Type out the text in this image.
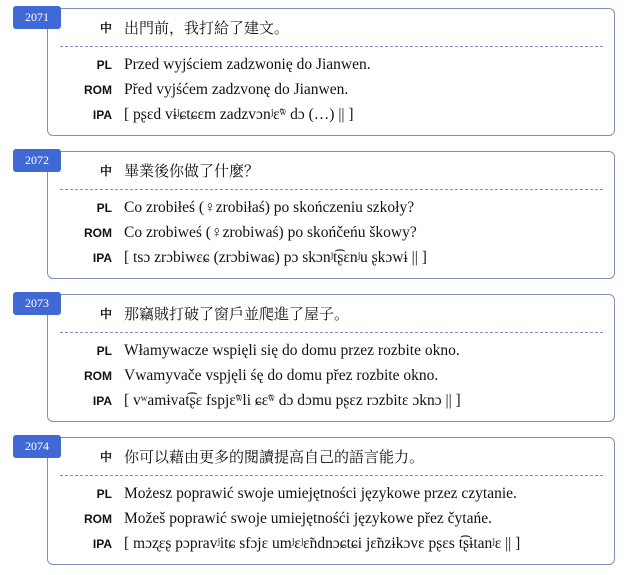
2071
中 出門前，我打給了建文。
PL Przed wyjściem zadzwonię do Jianwen.
ROM Před vyjśćem zadzvonę do Jianwen.
IPA [ pʂɛd vɨʲɕtɕɛm zadzvɔnʲɛ̃ʷ dɔ (…) || ]
2072
中 畢業後你做了什麼？
PL Co zrobiłeś (♀zrobiłaś) po skończeniu szkoły?
ROM Co zrobiweś (♀zrobiwaś) po skońčeńu škowy?
IPA [ tsɔ zrɔbiwɛɕ (zrɔbiwaɕ) pɔ skɔnʲt͡ʂɛnʲu ʂkɔwɨ || ]
2073
中 那竊賊打破了窗戶並爬進了屋子。
PL Włamywacze wspięli się do domu przez rozbite okno.
ROM Vwamyvače vspjęli śę do domu přez rozbite okno.
IPA [ vʷamɨvat͡ʂɛ fspjɛ̃ʷli ɕɛ̃ʷ dɔ dɔmu pʂɛz rɔzbitɛ ɔknɔ || ]
2074
中 你可以藉由更多的閱讀提高自己的語言能力。
PL Możesz poprawić swoje umiejętności językowe przez czytanie.
ROM Možeš poprawić swoje umiejętnośći językowe přez čytańe.
IPA [ mɔʐɛʂ pɔpravʲitɕ sfɔjɛ umʲɛʲɛ̃ndnɔɕtɕi jɛ̃nzɨkɔvɛ pʂɛs t͡ʂɨtanʲɛ || ]
